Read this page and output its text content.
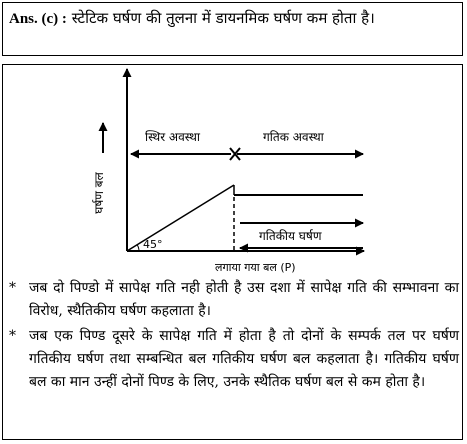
Ans. (c) : स्टेटिक घर्षण की तुलना में डायनमिक घर्षण कम होता है।
घर्षण बल
स्थिर अवस्था	गतिक अवस्था
गतिकीय घर्षण
45°
लगाया गया बल (P)
* जब दो पिण्डो में सापेक्ष गति नही होती है उस दशा में सापेक्ष गति की सम्भावना का विरोध, स्थैतिकीय घर्षण कहलाता है।
* जब एक पिण्ड दूसरे के सापेक्ष गति में होता है तो दोनों के सम्पर्क तल पर घर्षण गतिकीय घर्षण तथा सम्बन्धित बल गतिकीय घर्षण बल कहलाता है। गतिकीय घर्षण बल का मान उन्हीं दोनों पिण्ड के लिए, उनके स्थैतिक घर्षण बल से कम होता है।
